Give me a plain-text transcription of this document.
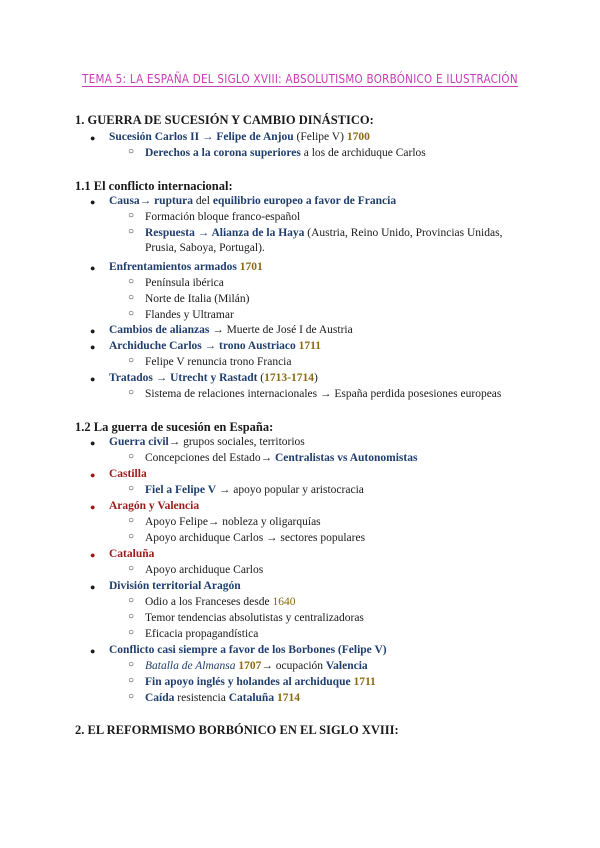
TEMA 5: LA ESPAÑA DEL SIGLO XVIII: ABSOLUTISMO BORBÓNICO E ILUSTRACIÓN
1. GUERRA DE SUCESIÓN Y CAMBIO DINÁSTICO:
● Sucesión Carlos II → Felipe de Anjou (Felipe V) 1700
○ Derechos a la corona superiores a los de archiduque Carlos
1.1 El conflicto internacional:
● Causa→ ruptura del equilibrio europeo a favor de Francia
○ Formación bloque franco-español
○ Respuesta → Alianza de la Haya (Austria, Reino Unido, Provincias Unidas, Prusia, Saboya, Portugal).
● Enfrentamientos armados 1701
○ Península ibérica
○ Norte de Italia (Milán)
○ Flandes y Ultramar
● Cambios de alianzas → Muerte de José I de Austria
● Archiduche Carlos → trono Austriaco 1711
○ Felipe V renuncia trono Francia
● Tratados → Utrecht y Rastadt (1713-1714)
○ Sistema de relaciones internacionales → España perdida posesiones europeas
1.2 La guerra de sucesión en España:
● Guerra civil→ grupos sociales, territorios
○ Concepciones del Estado→ Centralistas vs Autonomistas
● Castilla
○ Fiel a Felipe V → apoyo popular y aristocracia
● Aragón y Valencia
○ Apoyo Felipe→ nobleza y oligarquías
○ Apoyo archiduque Carlos → sectores populares
● Cataluña
○ Apoyo archiduque Carlos
● División territorial Aragón
○ Odio a los Franceses desde 1640
○ Temor tendencias absolutistas y centralizadoras
○ Eficacia propagandística
● Conflicto casi siempre a favor de los Borbones (Felipe V)
○ Batalla de Almansa 1707→ ocupación Valencia
○ Fin apoyo inglés y holandes al archiduque 1711
○ Caída resistencia Cataluña 1714
2. EL REFORMISMO BORBÓNICO EN EL SIGLO XVIII:
